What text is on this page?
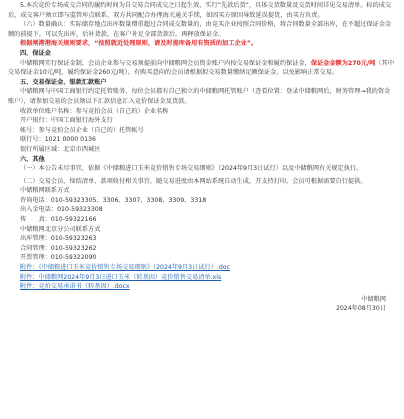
5.本次竞价专场成交合同的履约时间为自交易合同成交之日起生效，实行“先款后货”，具体交货数量及交货时间详见交易清单。标的成交后，成交客户须立即与监管库点联系，双方共同配合办理海关通关手续，如因买方原因导致延误提货，由买方负责。

（六）数量确认：实际储存地点出库数量增重超过合同成交数量的，由竞买企业按照合同价格，将合同数量全部出库，在不超过保证金金额的前提下，可以先出库，后补货款，在客户补足全部货款后，再释放保证金。

根据闸港港海关规则要求，“按照就近处理原则，请及时提库备用有资质的加工企业”。

四、保证金

中储粮网实行保证金制，会员企业参与交易须提前向中储粮网会员资金账户内按交易保证金和履约保证金，保证金金额为270元/吨（其中交易保证金10元/吨，履约保证金260元/吨）。有购买意向的会员请根据拟交易数量缴纳足额保证金，以免影响正常交易。

五、交易保证金、银款汇款账户

中储粮网与中国工商银行约定托管账务，每位会员都有自己独立的中储粮网托管账户（查看位置：登录中储粮网后，财务管理→我的资金账户），请参加交易的会员须以下汇款信息汇入竞价保证金及货款。

收款单位账户名称：参与竞拍会员（自己的）企业名称

开户银行：中国工商银行海外支行

帐号：参与竞拍会员企业（自己的）托管帐号

联行号：1021 0000 0136

银行所属区域：北京市西城区

六、其他

（一）本公告未尽事宜，依据《中储粮进口玉米竞价销售专场交易细则》（2024年9月3日试行）以及中储粮网有关规定执行。

（二）交易会员、缔结清单、款项收付相关事宜，随交易进度由本网站系统自动生成，开支持打印，会员可根据需要自行提供。

中储粮网联系方式

咨询电话：010-59323305、3306、3307、3308、3309、3318

出入金电话：010-59323308

传　　真：010-59322166

中储粮网北京分公司联系方式

出库管理：010-59323263

合同管理：010-59323262

开票管理：010-59322090

附件：《中储粮进口玉米竞价销售专场交易细则》（2024年9月3日试行）.doc

附件：中储粮网2024年9月3日进口玉米（转基因）竞价销售交易清单.xls

附件：竞价交易承诺书（转基因）.docx

中储粮网

2024年08月30日
